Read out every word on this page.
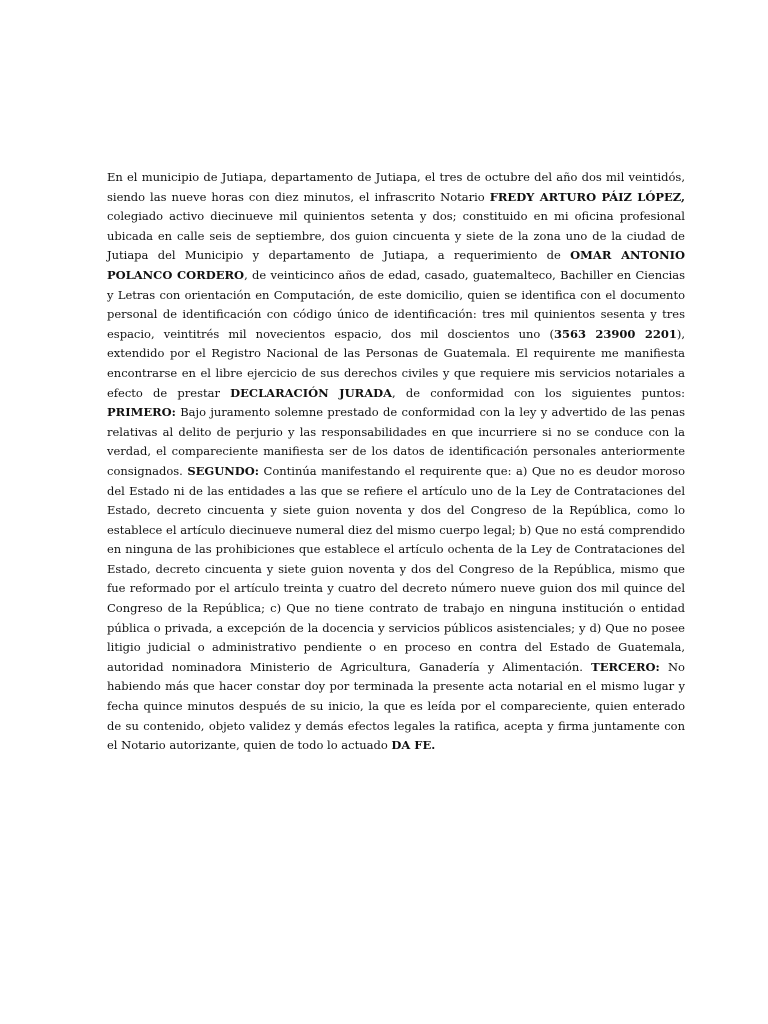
En el municipio de Jutiapa, departamento de Jutiapa, el tres de octubre del año dos mil veintidós, siendo las nueve horas con diez minutos, el infrascrito Notario FREDY ARTURO PÁIZ LÓPEZ, colegiado activo diecinueve mil quinientos setenta y dos; constituido en mi oficina profesional ubicada en calle seis de septiembre, dos guion cincuenta y siete de la zona uno de la ciudad de Jutiapa del Municipio y departamento de Jutiapa, a requerimiento de OMAR ANTONIO POLANCO CORDERO, de veinticinco años de edad, casado, guatemalteco, Bachiller en Ciencias y Letras con orientación en Computación, de este domicilio, quien se identifica con el documento personal de identificación con código único de identificación: tres mil quinientos sesenta y tres espacio, veintitrés mil novecientos espacio, dos mil doscientos uno (3563 23900 2201), extendido por el Registro Nacional de las Personas de Guatemala. El requirente me manifiesta encontrarse en el libre ejercicio de sus derechos civiles y que requiere mis servicios notariales a efecto de prestar DECLARACIÓN JURADA, de conformidad con los siguientes puntos: PRIMERO: Bajo juramento solemne prestado de conformidad con la ley y advertido de las penas relativas al delito de perjurio y las responsabilidades en que incurriere si no se conduce con la verdad, el compareciente manifiesta ser de los datos de identificación personales anteriormente consignados. SEGUNDO: Continúa manifestando el requirente que: a) Que no es deudor moroso del Estado ni de las entidades a las que se refiere el artículo uno de la Ley de Contrataciones del Estado, decreto cincuenta y siete guion noventa y dos del Congreso de la República, como lo establece el artículo diecinueve numeral diez del mismo cuerpo legal; b) Que no está comprendido en ninguna de las prohibiciones que establece el artículo ochenta de la Ley de Contrataciones del Estado, decreto cincuenta y siete guion noventa y dos del Congreso de la República, mismo que fue reformado por el artículo treinta y cuatro del decreto número nueve guion dos mil quince del Congreso de la República; c) Que no tiene contrato de trabajo en ninguna institución o entidad pública o privada, a excepción de la docencia y servicios públicos asistenciales; y d) Que no posee litigio judicial o administrativo pendiente o en proceso en contra del Estado de Guatemala, autoridad nominadora Ministerio de Agricultura, Ganadería y Alimentación. TERCERO: No habiendo más que hacer constar doy por terminada la presente acta notarial en el mismo lugar y fecha quince minutos después de su inicio, la que es leída por el compareciente, quien enterado de su contenido, objeto validez y demás efectos legales la ratifica, acepta y firma juntamente con el Notario autorizante, quien de todo lo actuado DA FE.
